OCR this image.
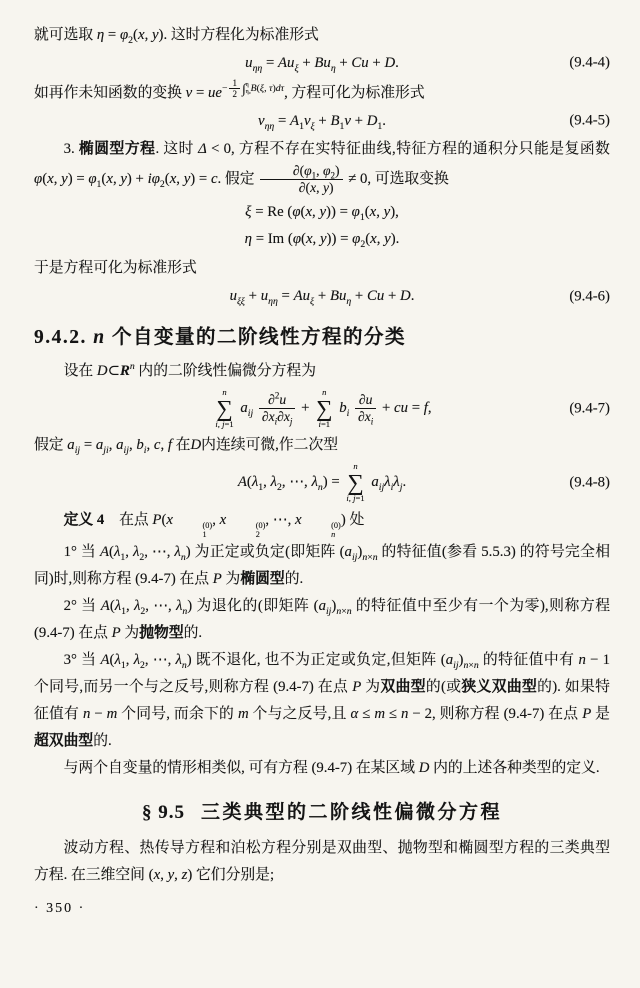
就可选取 $\eta = \varphi_2(x$, y). 这时方程化为标准形式

$u_{\eta\eta} = Au_\xi + Bu_\eta + Cu + D$.	(9.4-4)

如再作未知函数的变换 $v = ue^{- \frac{1}{2} \int \eta \eta_0 B(\xi, \tau)d\tau}$, 方程可化为标准形式

$v_{\eta\eta} = A_1v_\xi + B_1v + D_1$.	(9.4-5)

3. 椭圆型方程. 这时 Δ < 0, 方程不存在实特征曲线,特征方程的通积分只能是复函数 φ(x, $y) = \varphi_1(x$, $y) + i\varphi_2(x$, y) = c. 假定 $\frac{\partial(\varphi_1, \varphi_2)}{\partial(x, y)} \ne 0$, 可选取变换

ξ = Re (φ(x, $y)) = \varphi_1(x$, y),
η = Im (φ(x, $y)) = \varphi_2(x$, y).

于是方程可化为标准形式

$u_{\xi\xi} + u_{\eta\eta} = Au_\xi + Bu_\eta + Cu + D$.	(9.4-6)
9.4.2. n 个自变量的二阶线性方程的分类

设在 $D\subset R^n$ 内的二阶线性偏微分方程为

n
∑
i, j=1
$a_{ij} \frac{\partial^2u}{\partial x_i\partial x_j}$ +
n
∑
i=1
$b_i \frac{\partial u}{\partial x_i}$ + cu = f,	(9.4-7)

假定 $a_{ij} = a_{ji}$, $a_{ij}$, $b_i$, c, f 在D内连续可微,作二次型

$A(\lambda_1$, $\lambda_2$, ⋯, $\lambda_n$) =
n
∑
i, j=1
$a_{ij}\lambda_i\lambda_j$.	(9.4-8)

定义 4　在点 P(x	(0)
1
, x	(0)
2
, ⋯, x	(0)
n
) 处

1° 当 $A(\lambda_1$, $\lambda_2$, ⋯, $\lambda_n$) 为正定或负定(即矩阵 $(a_{ij})_{n\times n}$ 的特征值(参看 5.5.3) 的符号完全相同)时,则称方程 (9.4-7) 在点 P 为椭圆型的.

2° 当 $A(\lambda_1$, $\lambda_2$, ⋯, $\lambda_n$) 为退化的(即矩阵 $(a_{ij})_{n\times n}$ 的特征值中至少有一个为零),则称方程 (9.4-7) 在点 P 为抛物型的.

3° 当 $A(\lambda_1$, $\lambda_2$, ⋯, $\lambda_n$) 既不退化, 也不为正定或负定,但矩阵 $(a_{ij})_{n\times n}$ 的特征值中有 n − 1 个同号,而另一个与之反号,则称方程 (9.4-7) 在点 P 为双曲型的(或狭义双曲型的). 如果特征值有 n − m 个同号, 而余下的 m 个与之反号,且 α ≤ m ≤ n − 2, 则称方程 (9.4-7) 在点 P 是超双曲型的.

与两个自变量的情形相类似, 可有方程 (9.4-7) 在某区域 D 内的上述各种类型的定义.

§ 9.5 三类典型的二阶线性偏微分方程

波动方程、热传导方程和泊松方程分别是双曲型、抛物型和椭圆型方程的三类典型方程. 在三维空间 (x, y, z) 它们分别是;

· 350 ·
